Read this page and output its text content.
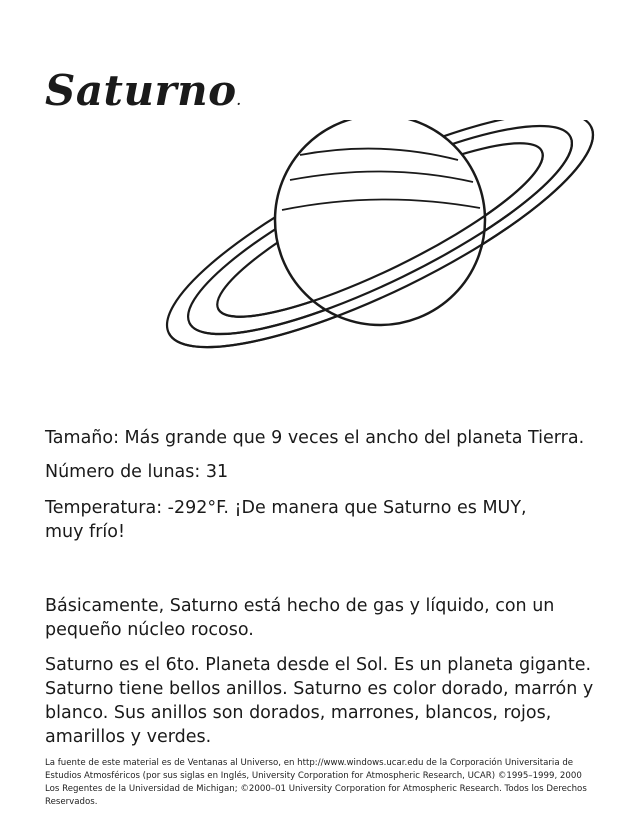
Saturno.

Tamaño: Más grande que 9 veces el ancho del planeta Tierra.

Número de lunas: 31

Temperatura: -292°F. ¡De manera que Saturno es MUY, muy frío!

Básicamente, Saturno está hecho de gas y líquido, con un pequeño núcleo rocoso.

Saturno es el 6to. Planeta desde el Sol. Es un planeta gigante. Saturno tiene bellos anillos. Saturno es color dorado, marrón y blanco. Sus anillos son dorados, marrones, blancos, rojos, amarillos y verdes.

La fuente de este material es de Ventanas al Universo, en http://www.windows.ucar.edu de la Corporación Universitaria de Estudios Atmosféricos (por sus siglas en Inglés, University Corporation for Atmospheric Research, UCAR) ©1995–1999, 2000 Los Regentes de la Universidad de Michigan; ©2000–01 University Corporation for Atmospheric Research. Todos los Derechos Reservados.
